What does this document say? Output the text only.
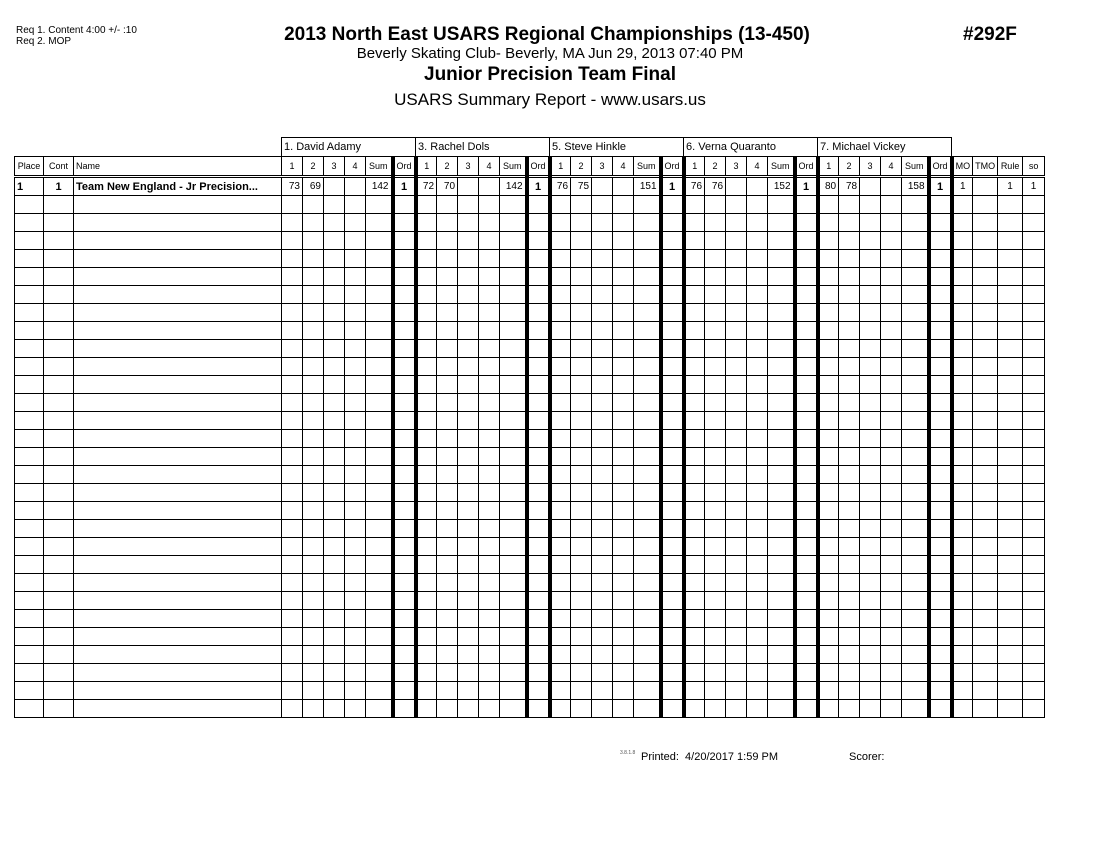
Req 1. Content 4:00 +/- :10
Req 2. MOP	2013 North East USARS Regional Championships (13-450)
Beverly Skating Club- Beverly, MA Jun 29, 2013 07:40 PM
Junior Precision Team Final
USARS Summary Report - www.usars.us
#292F
			1. David Adamy						3. Rachel Dols						5. Steve Hinkle						6. Verna Quaranto						7. Michael Vickey									
Place	Cont	Name	1	2	3	4	Sum	Ord	1	2	3	4	Sum	Ord	1	2	3	4	Sum	Ord	1	2	3	4	Sum	Ord	1	2	3	4	Sum	Ord	MO	TMO	Rule	so
1	1	Team New England - Jr Precision...	73	69			142	1	72	70			142	1	76	75			151	1	76	76			152	1	80	78			158	1	1		1	1

3.8.1.8 Printed: 4/20/2017 1:59 PM	Scorer:
